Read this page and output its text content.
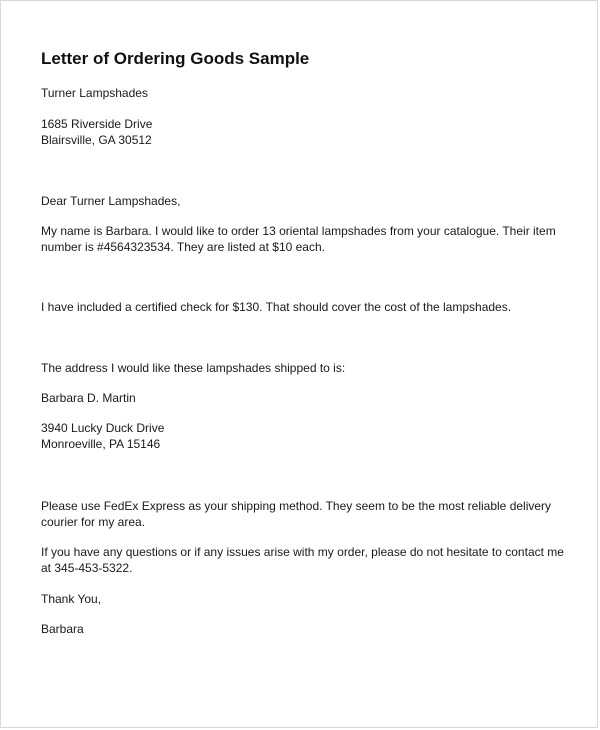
Letter of Ordering Goods Sample
Turner Lampshades
1685 Riverside Drive
Blairsville, GA 30512
Dear Turner Lampshades,
My name is Barbara. I would like to order 13 oriental lampshades from your catalogue. Their item
number is #4564323534. They are listed at $10 each.
I have included a certified check for $130. That should cover the cost of the lampshades.
The address I would like these lampshades shipped to is:
Barbara D. Martin
3940 Lucky Duck Drive
Monroeville, PA 15146
Please use FedEx Express as your shipping method. They seem to be the most reliable delivery
courier for my area.
If you have any questions or if any issues arise with my order, please do not hesitate to contact me
at 345-453-5322.
Thank You,
Barbara
